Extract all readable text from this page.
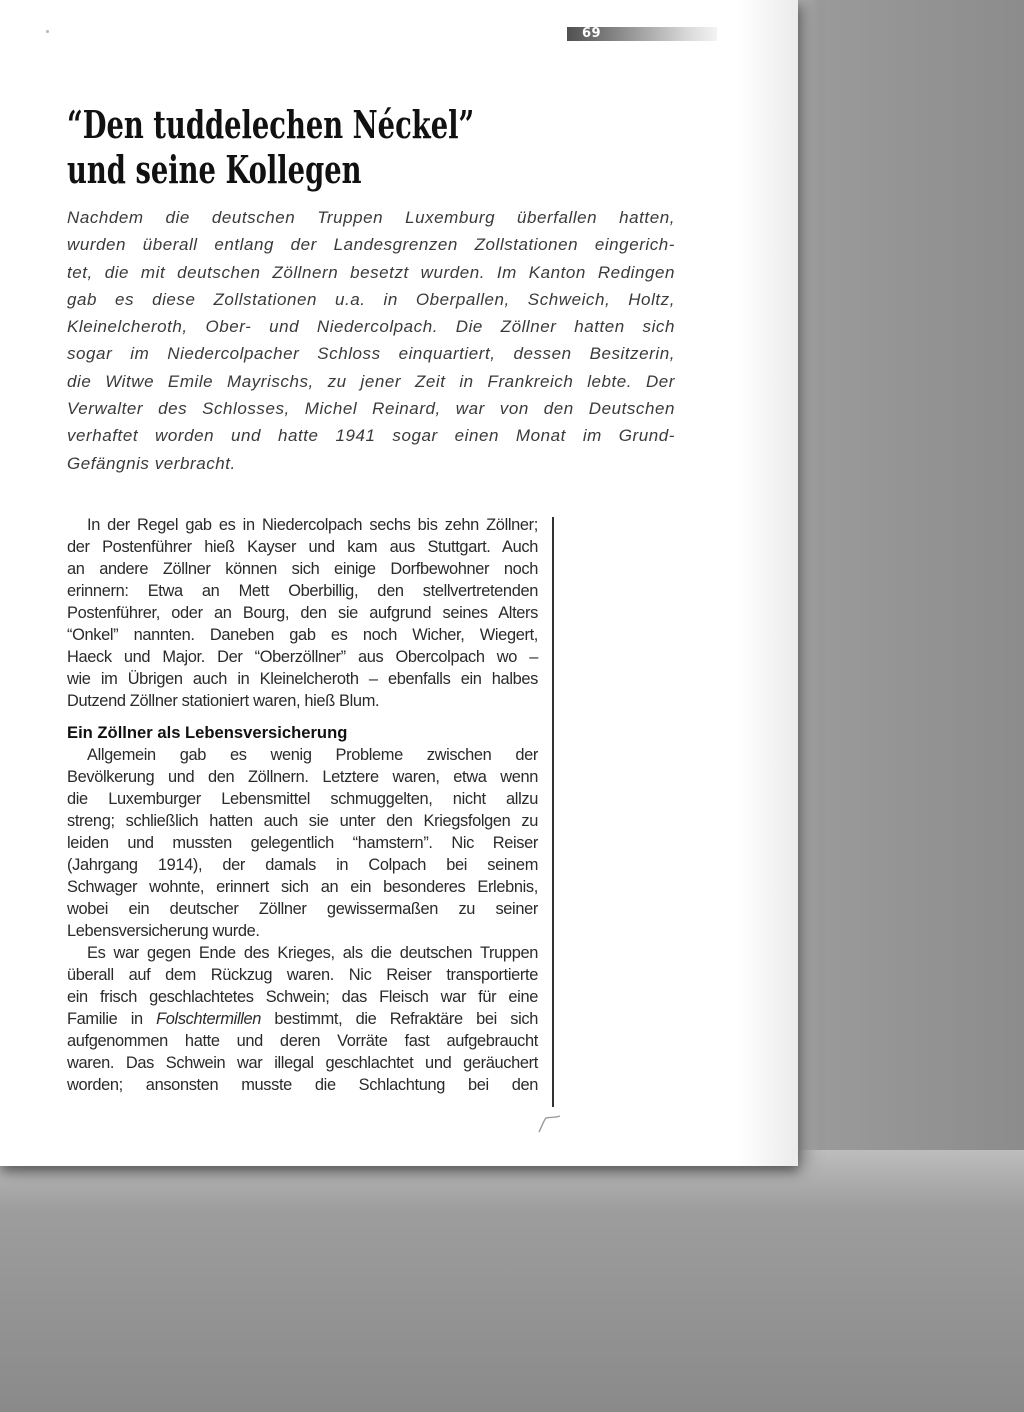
69
“Den tuddelechen Néckel”
und seine Kollegen

Nachdem die deutschen Truppen Luxemburg überfallen hatten,
wurden überall entlang der Landesgrenzen Zollstationen eingerich-
tet, die mit deutschen Zöllnern besetzt wurden. Im Kanton Redingen
gab es diese Zollstationen u.a. in Oberpallen, Schweich, Holtz,
Kleinelcheroth, Ober- und Niedercolpach. Die Zöllner hatten sich
sogar im Niedercolpacher Schloss einquartiert, dessen Besitzerin,
die Witwe Emile Mayrischs, zu jener Zeit in Frankreich lebte. Der
Verwalter des Schlosses, Michel Reinard, war von den Deutschen
verhaftet worden und hatte 1941 sogar einen Monat im Grund-
Gefängnis verbracht.

In der Regel gab es in Niedercolpach sechs bis zehn Zöllner;
der Postenführer hieß Kayser und kam aus Stuttgart. Auch
an andere Zöllner können sich einige Dorfbewohner noch
erinnern: Etwa an Mett Oberbillig, den stellvertretenden
Postenführer, oder an Bourg, den sie aufgrund seines Alters
“Onkel” nannten. Daneben gab es noch Wicher, Wiegert,
Haeck und Major. Der “Oberzöllner” aus Obercolpach wo –
wie im Übrigen auch in Kleinelcheroth – ebenfalls ein halbes
Dutzend Zöllner stationiert waren, hieß Blum.
Ein Zöllner als Lebensversicherung
Allgemein gab es wenig Probleme zwischen der
Bevölkerung und den Zöllnern. Letztere waren, etwa wenn
die Luxemburger Lebensmittel schmuggelten, nicht allzu
streng; schließlich hatten auch sie unter den Kriegsfolgen zu
leiden und mussten gelegentlich “hamstern”. Nic Reiser
(Jahrgang 1914), der damals in Colpach bei seinem
Schwager wohnte, erinnert sich an ein besonderes Erlebnis,
wobei ein deutscher Zöllner gewissermaßen zu seiner
Lebensversicherung wurde.
Es war gegen Ende des Krieges, als die deutschen Truppen
überall auf dem Rückzug waren. Nic Reiser transportierte
ein frisch geschlachtetes Schwein; das Fleisch war für eine
Familie in Folschtermillen bestimmt, die Refraktäre bei sich
aufgenommen hatte und deren Vorräte fast aufgebraucht
waren. Das Schwein war illegal geschlachtet und geräuchert
worden; ansonsten musste die Schlachtung bei den
